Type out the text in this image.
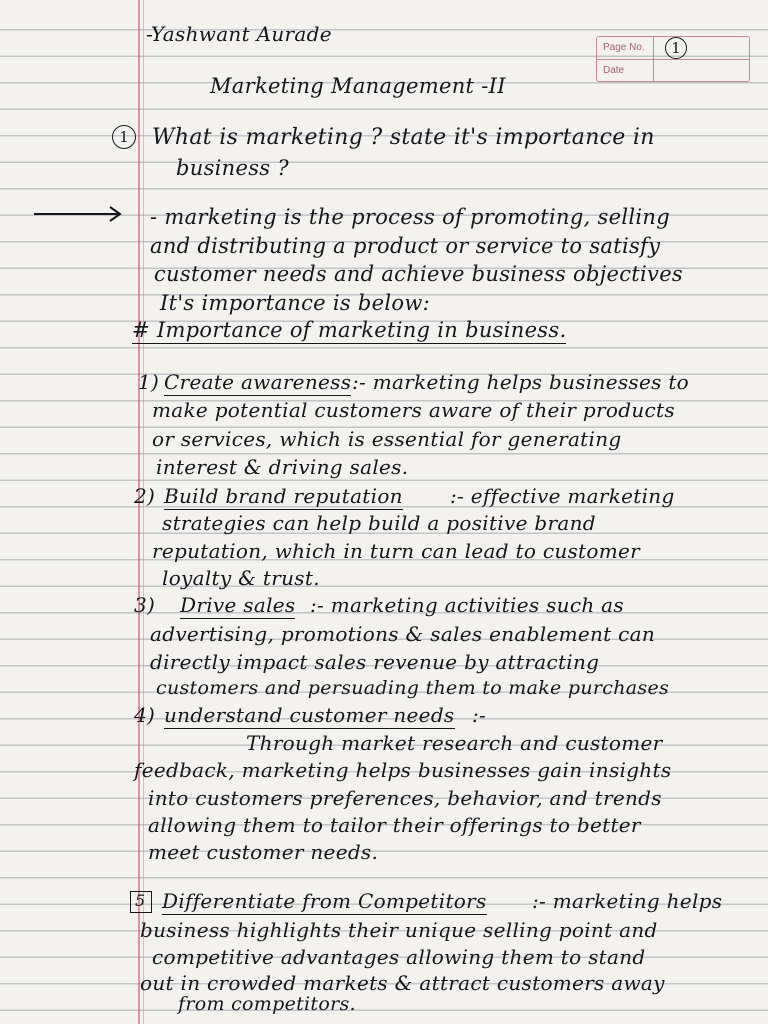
-Yashwant Aurade
Page No.
Date
1
Marketing Management -II
1	What is marketing ? state it's importance in
business ?
- marketing is the process of promoting, selling
and distributing a product or service to satisfy
customer needs and achieve business objectives
It's importance is below:
# Importance of marketing in business.
1) Create awareness :- marketing helps businesses to
make potential customers aware of their products
or services, which is essential for generating
interest & driving sales.
2) Build brand reputation :- effective marketing
strategies can help build a positive brand
reputation, which in turn can lead to customer
loyalty & trust.
3) Drive sales :- marketing activities such as
advertising, promotions & sales enablement can
directly impact sales revenue by attracting
customers and persuading them to make purchases
4) understand customer needs :-
Through market research and customer
feedback, marketing helps businesses gain insights
into customers preferences, behavior, and trends
allowing them to tailor their offerings to better
meet customer needs.
5 Differentiate from Competitors :- marketing helps
business highlights their unique selling point and
competitive advantages allowing them to stand
out in crowded markets & attract customers away
from competitors.
